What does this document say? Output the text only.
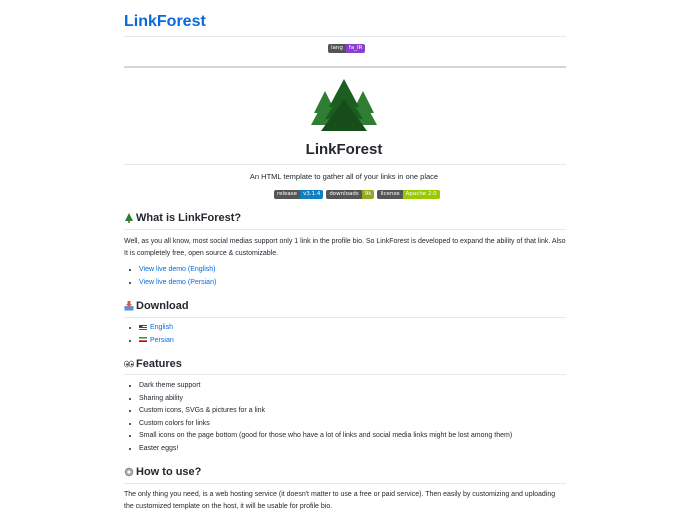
LinkForest
lang	fa_IR
LinkForest
An HTML template to gather all of your links in one place
release	v3.1.4	downloads	9k	license	Apache 2.0
What is LinkForest?
Well, as you all know, most social medias support only 1 link in the profile bio. So LinkForest is developed to expand the ability of that link. Also It is completely free, open source & customizable.
• View live demo (English)
• View live demo (Persian)
Download
• English
• Persian
Features
• Dark theme support
• Sharing ability
• Custom icons, SVGs & pictures for a link
• Custom colors for links
• Small icons on the page bottom (good for those who have a lot of links and social media links might be lost among them)
• Easter eggs!
How to use?
The only thing you need, is a web hosting service (it doesn't matter to use a free or paid service). Then easily by customizing and uploading the customized template on the host, it will be usable for profile bio.
